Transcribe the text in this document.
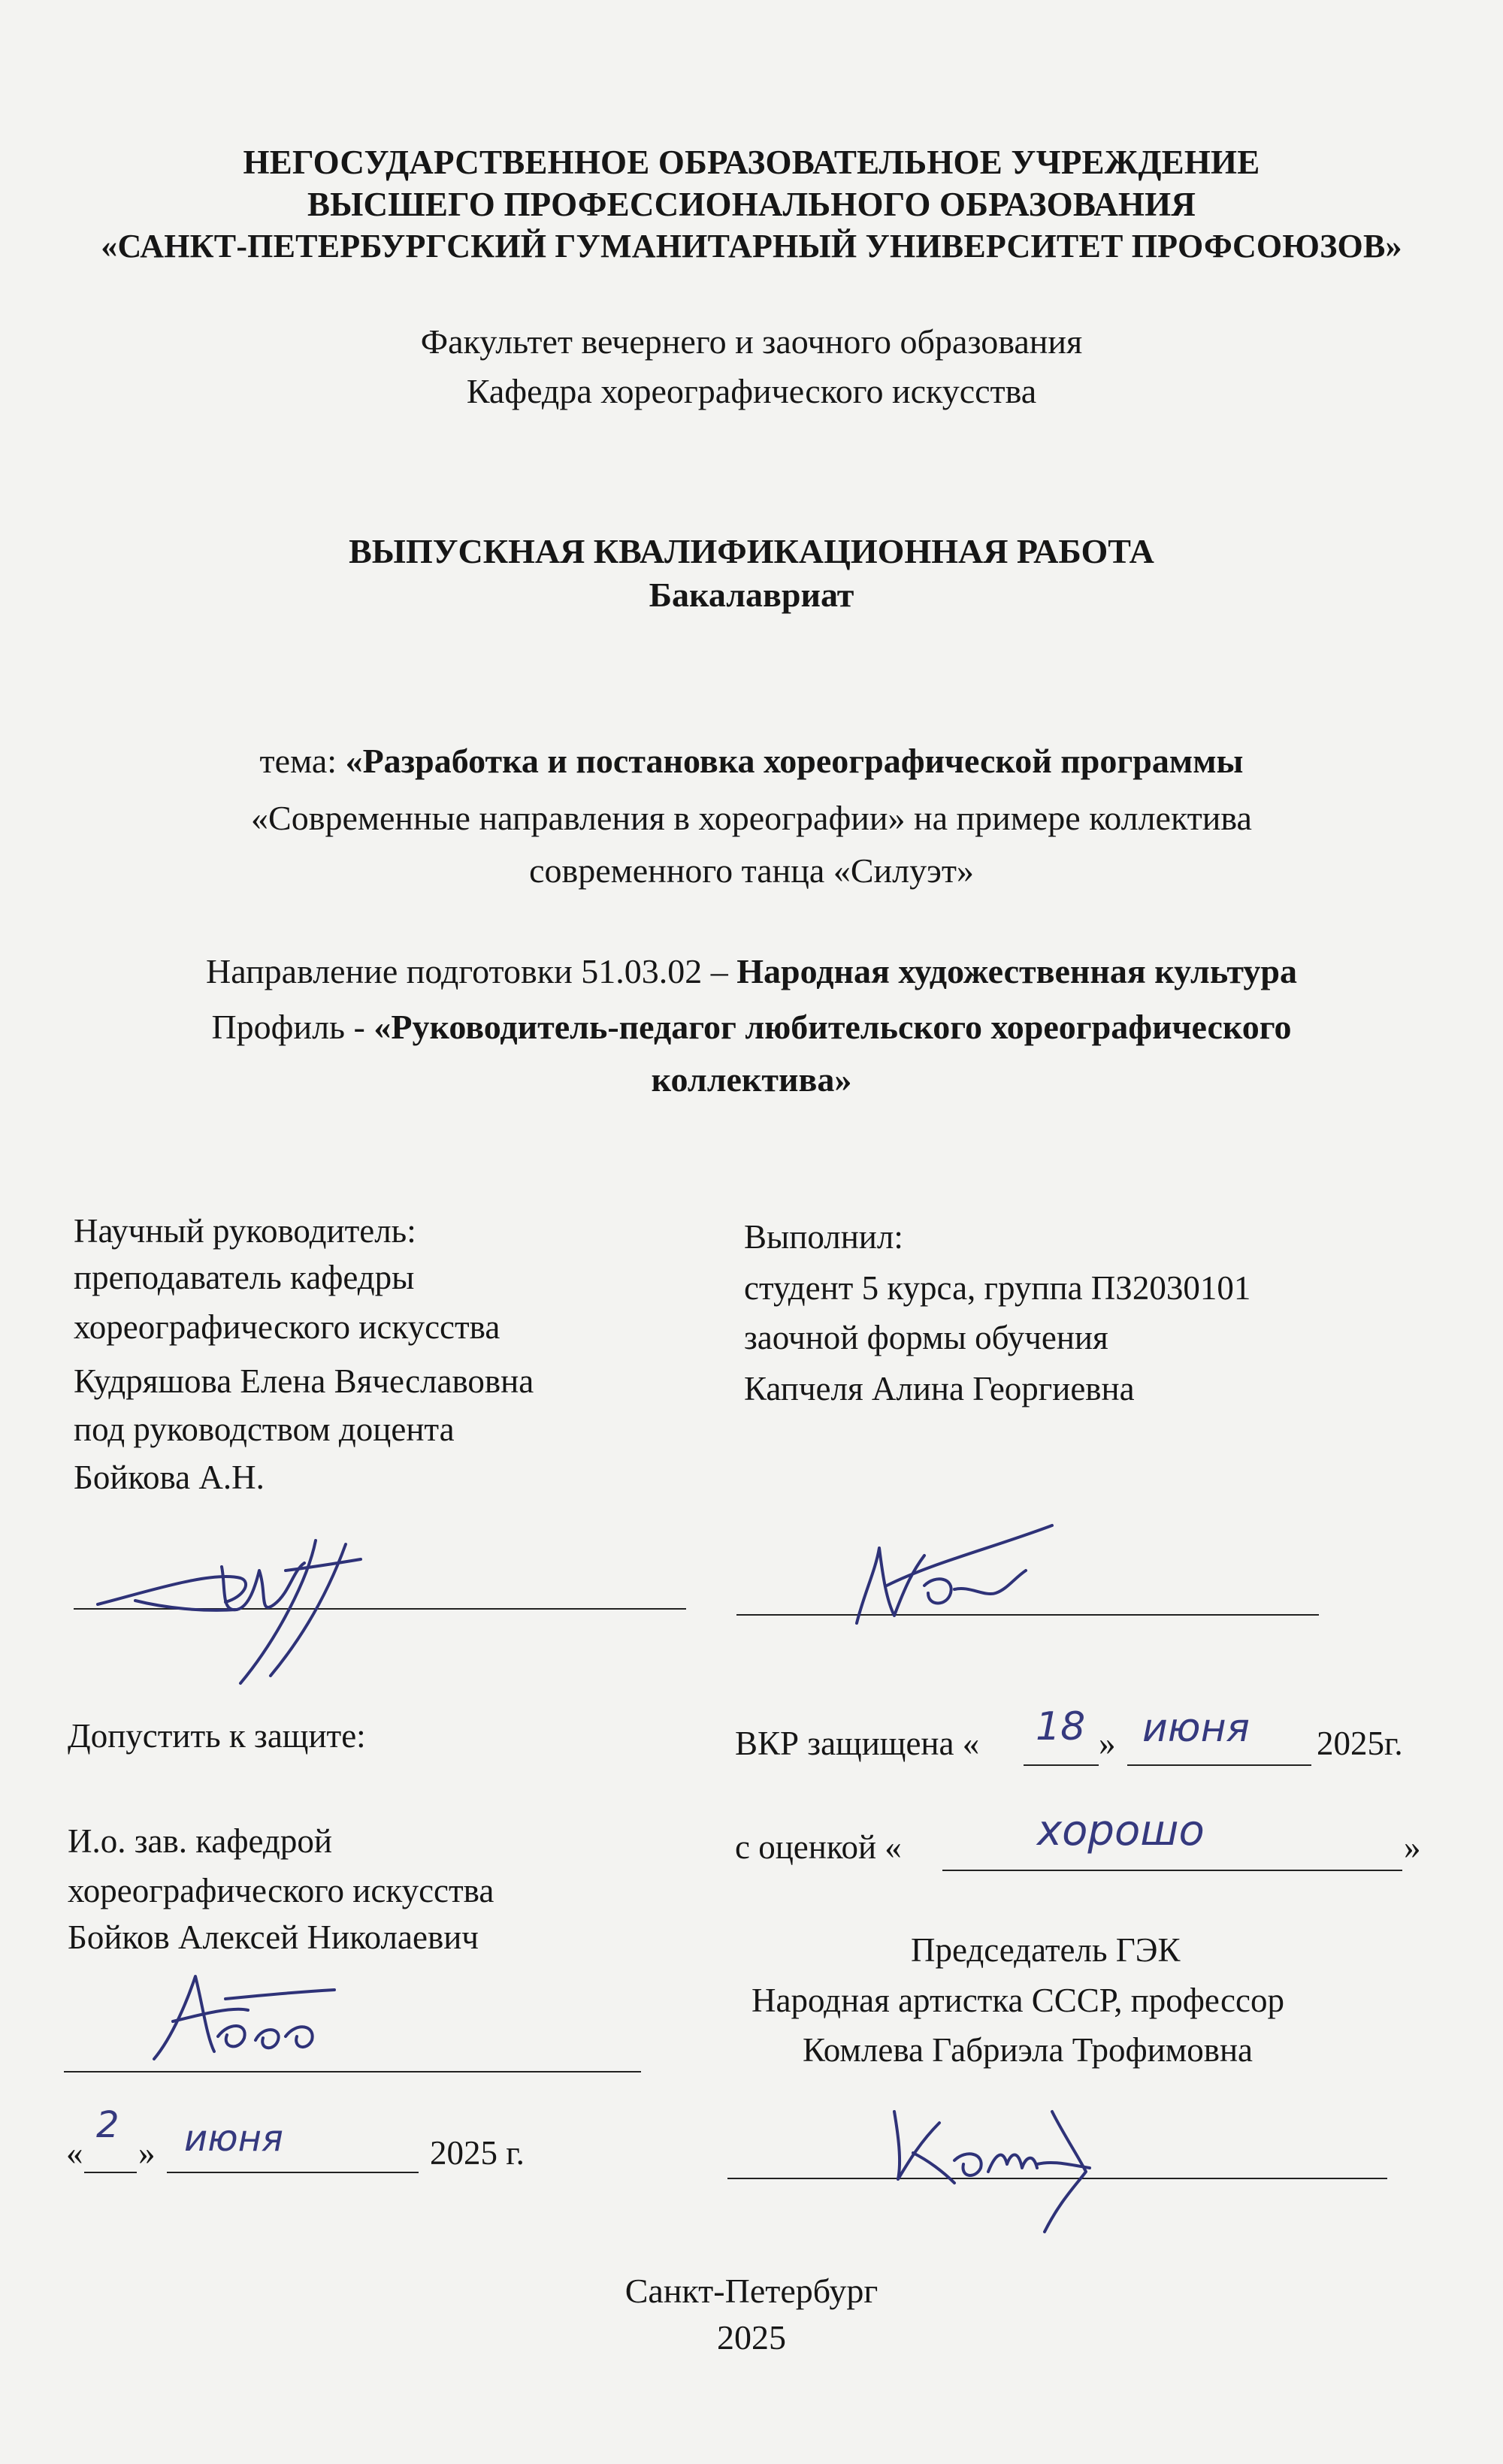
НЕГОСУДАРСТВЕННОЕ ОБРАЗОВАТЕЛЬНОЕ УЧРЕЖДЕНИЕ
ВЫСШЕГО ПРОФЕССИОНАЛЬНОГО ОБРАЗОВАНИЯ
«САНКТ-ПЕТЕРБУРГСКИЙ ГУМАНИТАРНЫЙ УНИВЕРСИТЕТ ПРОФСОЮЗОВ»
Факультет вечернего и заочного образования
Кафедра хореографического искусства
ВЫПУСКНАЯ КВАЛИФИКАЦИОННАЯ РАБОТА
Бакалавриат
тема: «Разработка и постановка хореографической программы
«Современные направления в хореографии» на примере коллектива
современного танца «Силуэт»
Направление подготовки 51.03.02 – Народная художественная культура
Профиль - «Руководитель-педагог любительского хореографического
коллектива»
Научный руководитель:
преподаватель кафедры
хореографического искусства
Кудряшова Елена Вячеславовна
под руководством доцента
Бойкова А.Н.
Выполнил:
студент 5 курса, группа ПЗ2030101
заочной формы обучения
Капчеля Алина Георгиевна
Допустить к защите:
И.о. зав. кафедрой
хореографического искусства
Бойков Алексей Николаевич
«
2
» июня	2025 г.
ВКР защищена « 18 » июня 2025г.
с оценкой «	хорошо	»
Председатель ГЭК
Народная артистка СССР, профессор
Комлева Габриэла Трофимовна
Санкт-Петербург
2025
